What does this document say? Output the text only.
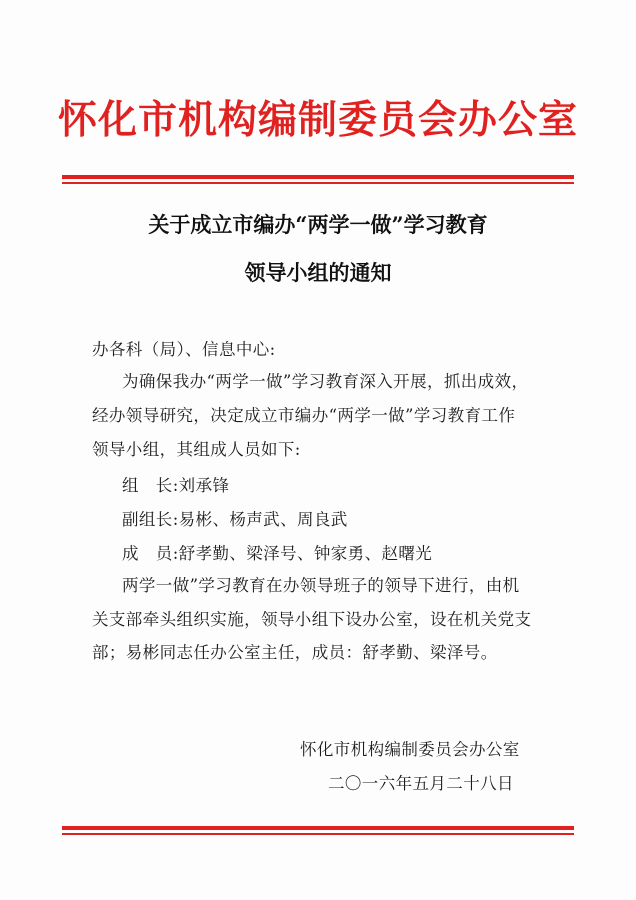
怀化市机构编制委员会办公室
关于成立市编办“两学一做”学习教育
领导小组的通知
办各科（局）、信息中心:
为确保我办“两学一做”学习教育深入开展，抓出成效，
经办领导研究，决定成立市编办“两学一做”学习教育工作
领导小组，其组成人员如下:
组　长:刘承锋
副组长:易彬、杨声武、周良武
成　员:舒孝勤、梁泽号、钟家勇、赵曙光
两学一做”学习教育在办领导班子的领导下进行，由机
关支部牵头组织实施，领导小组下设办公室，设在机关党支
部；易彬同志任办公室主任，成员：舒孝勤、梁泽号。
怀化市机构编制委员会办公室
二〇一六年五月二十八日
